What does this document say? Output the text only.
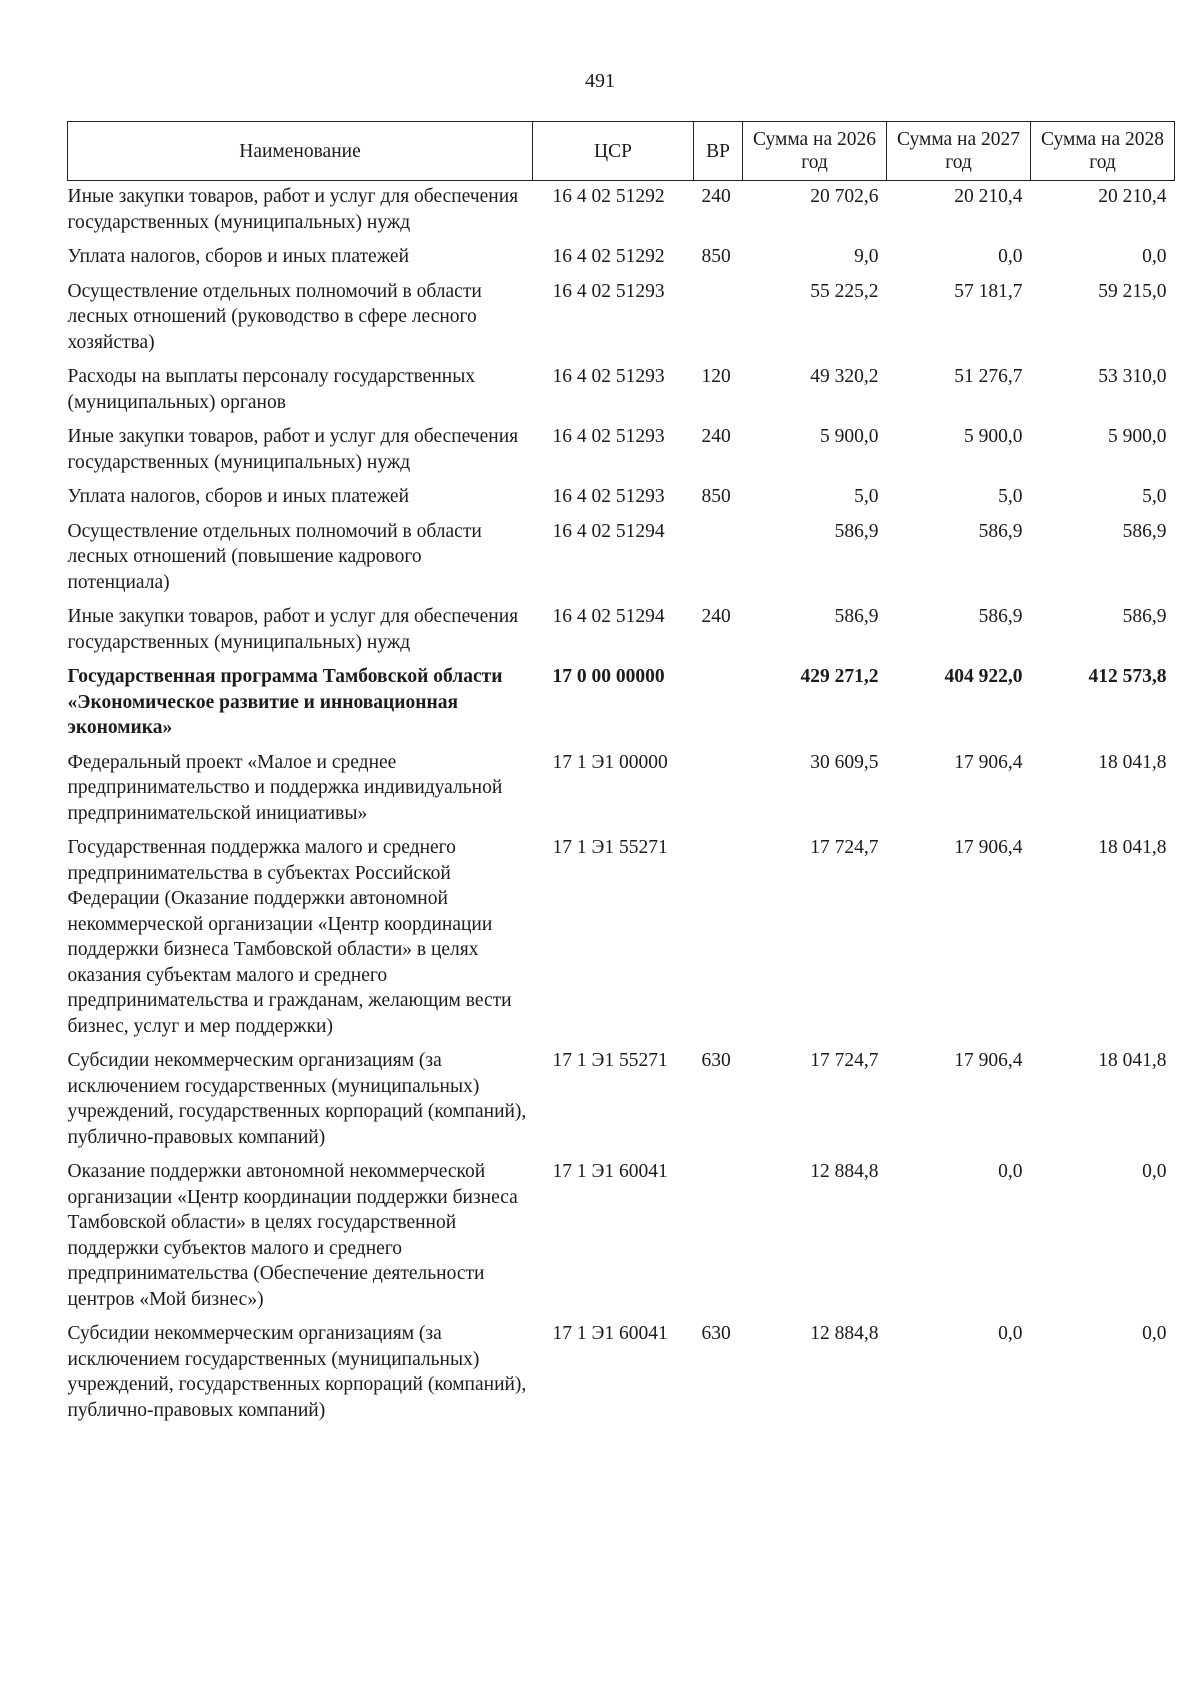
491
Наименование	ЦСР	ВР	Сумма на 2026 год	Сумма на 2027 год	Сумма на 2028 год
Иные закупки товаров, работ и услуг для обеспечения государственных (муниципальных) нужд	16 4 02 51292	240	20 702,6	20 210,4	20 210,4
Уплата налогов, сборов и иных платежей	16 4 02 51292	850	9,0	0,0	0,0
Осуществление отдельных полномочий в области лесных отношений (руководство в сфере лесного хозяйства)	16 4 02 51293		55 225,2	57 181,7	59 215,0
Расходы на выплаты персоналу государственных (муниципальных) органов	16 4 02 51293	120	49 320,2	51 276,7	53 310,0
Иные закупки товаров, работ и услуг для обеспечения государственных (муниципальных) нужд	16 4 02 51293	240	5 900,0	5 900,0	5 900,0
Уплата налогов, сборов и иных платежей	16 4 02 51293	850	5,0	5,0	5,0
Осуществление отдельных полномочий в области лесных отношений (повышение кадрового потенциала)	16 4 02 51294		586,9	586,9	586,9
Иные закупки товаров, работ и услуг для обеспечения государственных (муниципальных) нужд	16 4 02 51294	240	586,9	586,9	586,9
Государственная программа Тамбовской области «Экономическое развитие и инновационная экономика»	17 0 00 00000		429 271,2	404 922,0	412 573,8
Федеральный проект «Малое и среднее предпринимательство и поддержка индивидуальной предпринимательской инициативы»	17 1 Э1 00000		30 609,5	17 906,4	18 041,8
Государственная поддержка малого и среднего предпринимательства в субъектах Российской Федерации (Оказание поддержки автономной некоммерческой организации «Центр координации поддержки бизнеса Тамбовской области» в целях оказания субъектам малого и среднего предпринимательства и гражданам, желающим вести бизнес, услуг и мер поддержки)	17 1 Э1 55271		17 724,7	17 906,4	18 041,8
Субсидии некоммерческим организациям (за исключением государственных (муниципальных) учреждений, государственных корпораций (компаний), публично-правовых компаний)	17 1 Э1 55271	630	17 724,7	17 906,4	18 041,8
Оказание поддержки автономной некоммерческой организации «Центр координации поддержки бизнеса Тамбовской области» в целях государственной поддержки субъектов малого и среднего предпринимательства (Обеспечение деятельности центров «Мой бизнес»)	17 1 Э1 60041		12 884,8	0,0	0,0
Субсидии некоммерческим организациям (за исключением государственных (муниципальных) учреждений, государственных корпораций (компаний), публично-правовых компаний)	17 1 Э1 60041	630	12 884,8	0,0	0,0
